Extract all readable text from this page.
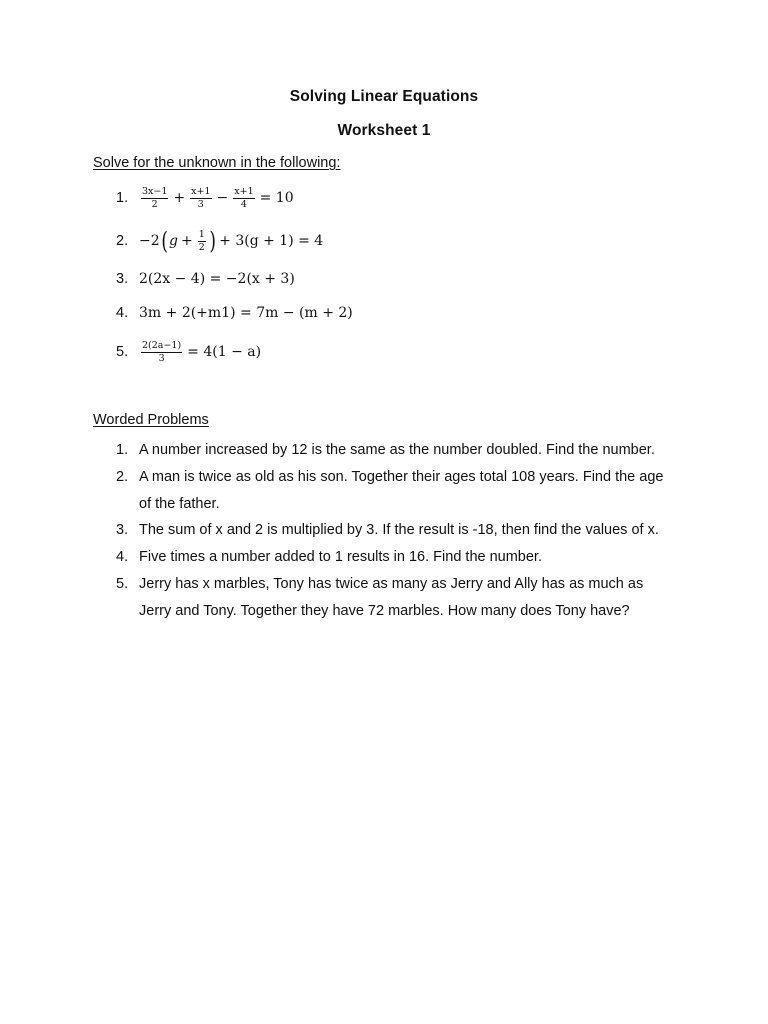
Solving Linear Equations
Worksheet 1
Solve for the unknown in the following:
1.	$\frac{3x-1}{2} + \frac{x+1}{3} - \frac{x+1}{4} = 10$
2. −2 ( $g + \frac{1}{2}$ ) + 3(g + 1) = 4
3. 2(2x − 4) = −2(x + 3)
4. 3m + 2(+m1) = 7m − (m + 2)
5.	$\frac{2(2a-1)}{3} = 4(1 - a)$
Worded Problems
1. A number increased by 12 is the same as the number doubled. Find the number.
2. A man is twice as old as his son. Together their ages total 108 years. Find the age of the father.
3. The sum of x and 2 is multiplied by 3. If the result is -18, then find the values of x.
4. Five times a number added to 1 results in 16. Find the number.
5. Jerry has x marbles, Tony has twice as many as Jerry and Ally has as much as Jerry and Tony. Together they have 72 marbles. How many does Tony have?
